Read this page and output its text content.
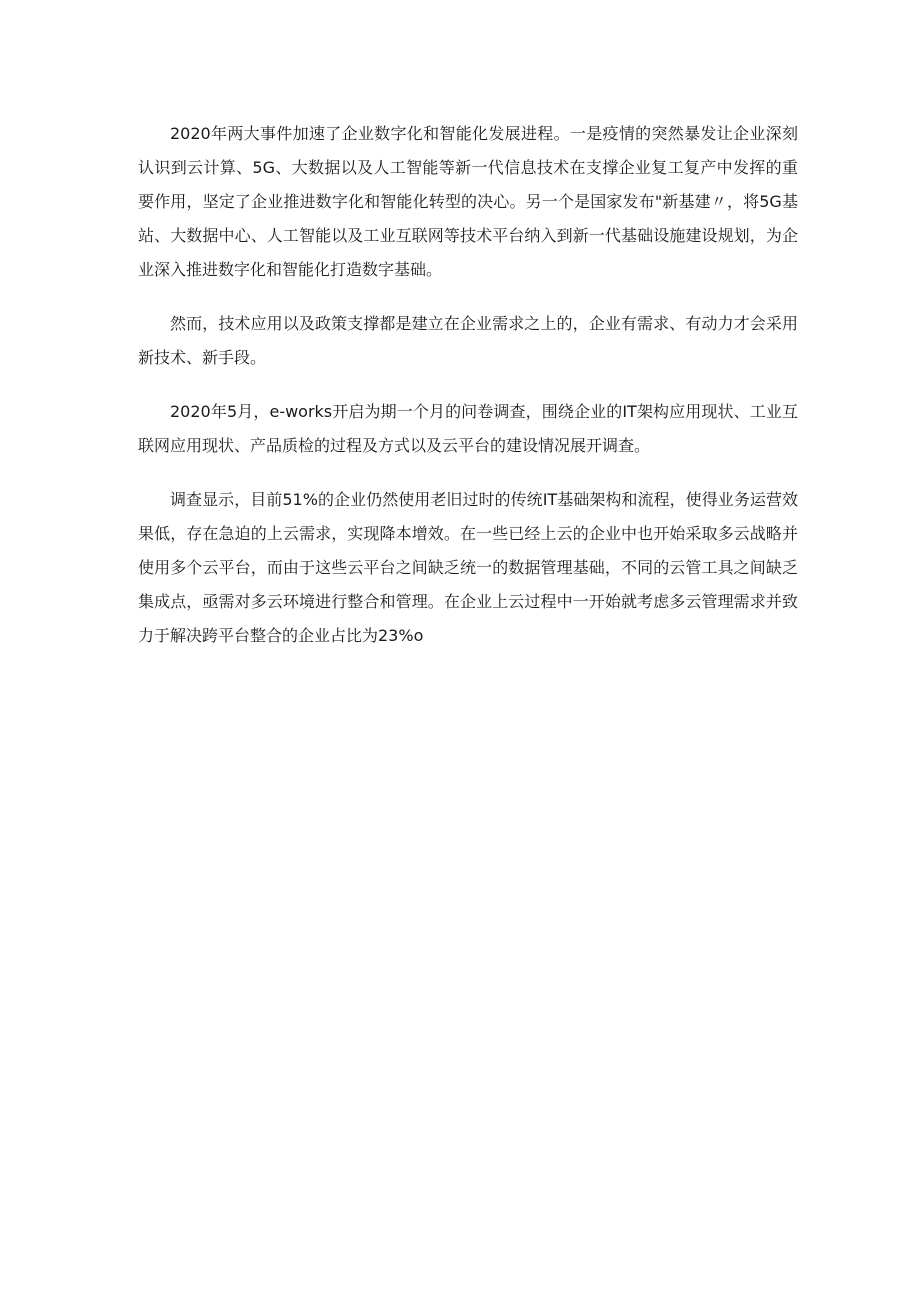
2020年两大事件加速了企业数字化和智能化发展进程。一是疫情的突然暴发让企业深刻认识到云计算、5G、大数据以及人工智能等新一代信息技术在支撑企业复工复产中发挥的重要作用，坚定了企业推进数字化和智能化转型的决心。另一个是国家发布"新基建〃，将5G基站、大数据中心、人工智能以及工业互联网等技术平台纳入到新一代基础设施建设规划，为企业深入推进数字化和智能化打造数字基础。

然而，技术应用以及政策支撑都是建立在企业需求之上的，企业有需求、有动力才会采用新技术、新手段。

2020年5月，e-works开启为期一个月的问卷调查，围绕企业的IT架构应用现状、工业互联网应用现状、产品质检的过程及方式以及云平台的建设情况展开调查。

调查显示，目前51%的企业仍然使用老旧过时的传统IT基础架构和流程，使得业务运营效果低，存在急迫的上云需求，实现降本增效。在一些已经上云的企业中也开始采取多云战略并使用多个云平台，而由于这些云平台之间缺乏统一的数据管理基础，不同的云管工具之间缺乏集成点，亟需对多云环境进行整合和管理。在企业上云过程中一开始就考虑多云管理需求并致力于解决跨平台整合的企业占比为23%o
